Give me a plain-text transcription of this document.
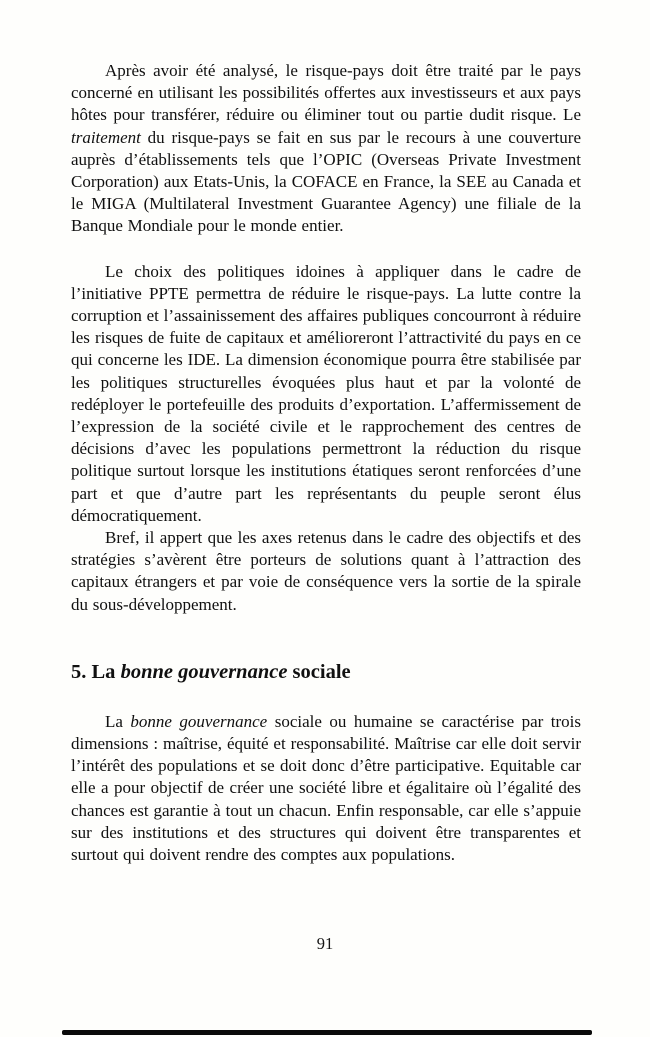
Après avoir été analysé, le risque-pays doit être traité par le pays concerné en utilisant les possibilités offertes aux investisseurs et aux pays hôtes pour transférer, réduire ou éliminer tout ou partie dudit risque. Le traitement du risque-pays se fait en sus par le recours à une couverture auprès d’établissements tels que l’OPIC (Overseas Private Investment Corporation) aux Etats-Unis, la COFACE en France, la SEE au Canada et le MIGA (Multilateral Investment Guarantee Agency) une filiale de la Banque Mondiale pour le monde entier.

Le choix des politiques idoines à appliquer dans le cadre de l’initiative PPTE permettra de réduire le risque-pays. La lutte contre la corruption et l’assainissement des affaires publiques concourront à réduire les risques de fuite de capitaux et amélioreront l’attractivité du pays en ce qui concerne les IDE. La dimension économique pourra être stabilisée par les politiques structurelles évoquées plus haut et par la volonté de redéployer le portefeuille des produits d’exportation. L’affermissement de l’expression de la société civile et le rapprochement des centres de décisions d’avec les populations permettront la réduction du risque politique surtout lorsque les institutions étatiques seront renforcées d’une part et que d’autre part les représentants du peuple seront élus démocratiquement.

Bref, il appert que les axes retenus dans le cadre des objectifs et des stratégies s’avèrent être porteurs de solutions quant à l’attraction des capitaux étrangers et par voie de conséquence vers la sortie de la spirale du sous-développement.

5. La bonne gouvernance sociale

La bonne gouvernance sociale ou humaine se caractérise par trois dimensions : maîtrise, équité et responsabilité. Maîtrise car elle doit servir l’intérêt des populations et se doit donc d’être participative. Equitable car elle a pour objectif de créer une société libre et égalitaire où l’égalité des chances est garantie à tout un chacun. Enfin responsable, car elle s’appuie sur des institutions et des structures qui doivent être transparentes et surtout qui doivent rendre des comptes aux populations.

91
